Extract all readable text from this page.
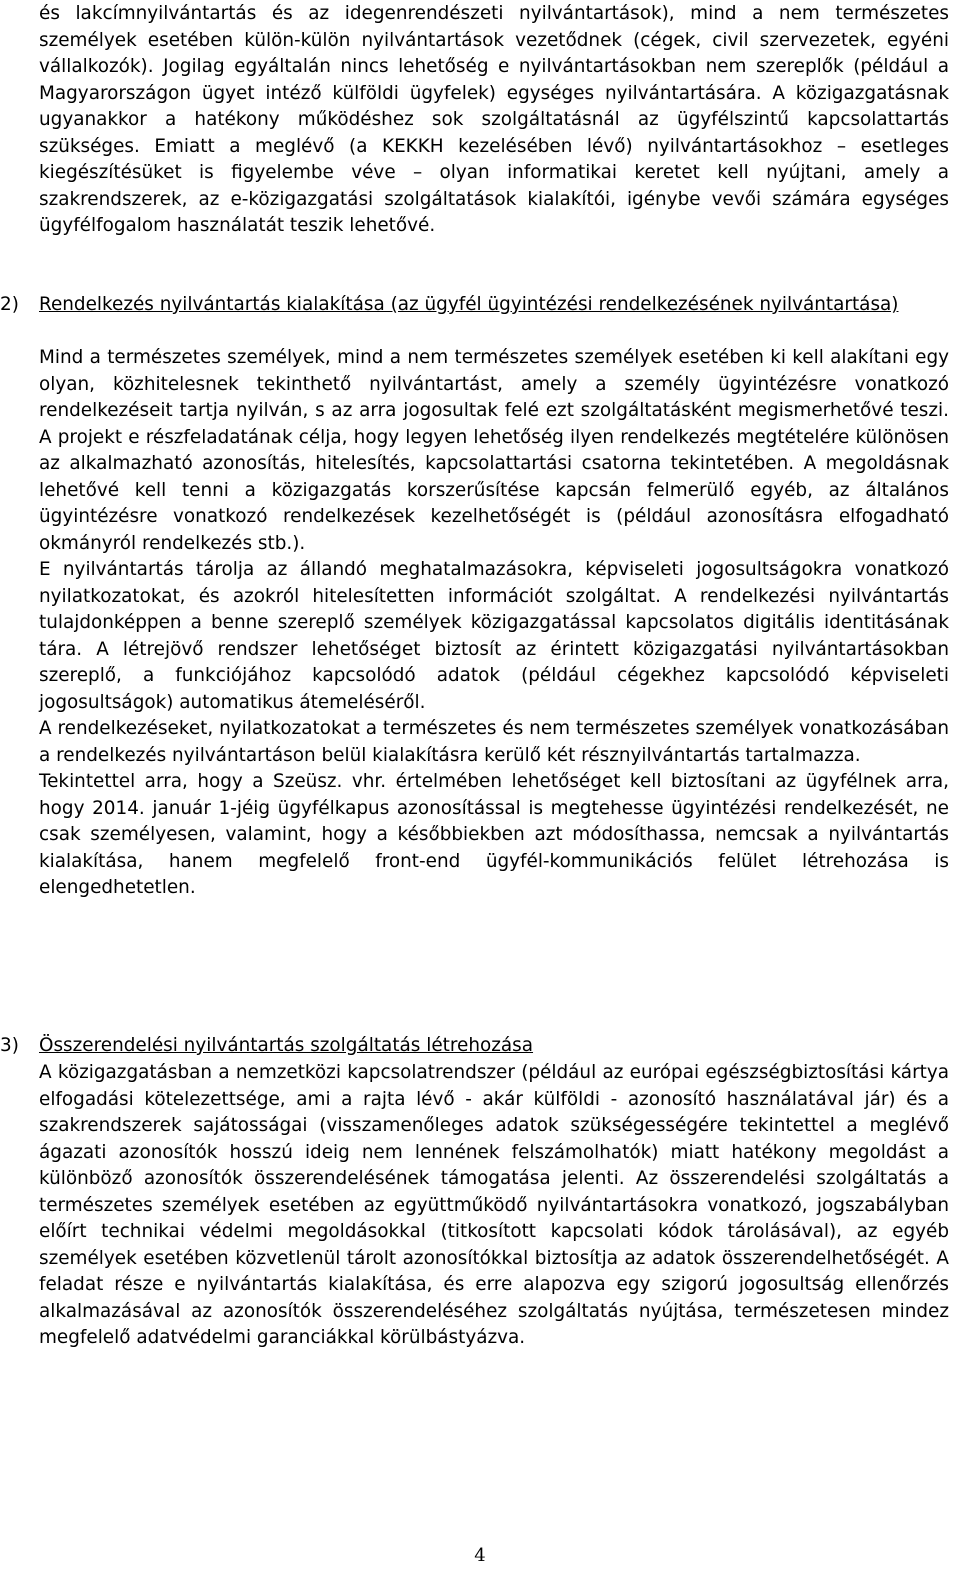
és lakcímnyilvántartás és az idegenrendészeti nyilvántartások), mind a nem természetes személyek esetében külön-külön nyilvántartások vezetődnek (cégek, civil szervezetek, egyéni vállalkozók). Jogilag egyáltalán nincs lehetőség e nyilvántartásokban nem szereplők (például a Magyarországon ügyet intéző külföldi ügyfelek) egységes nyilvántartására. A közigazgatásnak ugyanakkor a hatékony működéshez sok szolgáltatásnál az ügyfélszintű kapcsolattartás szükséges. Emiatt a meglévő (a KEKKH kezelésében lévő) nyilvántartásokhoz – esetleges kiegészítésüket is figyelembe véve – olyan informatikai keretet kell nyújtani, amely a szakrendszerek, az e-közigazgatási szolgáltatások kialakítói, igénybe vevői számára egységes ügyfélfogalom használatát teszik lehetővé.

2) Rendelkezés nyilvántartás kialakítása (az ügyfél ügyintézési rendelkezésének nyilvántartása)

Mind a természetes személyek, mind a nem természetes személyek esetében ki kell alakítani egy olyan, közhitelesnek tekinthető nyilvántartást, amely a személy ügyintézésre vonatkozó rendelkezéseit tartja nyilván, s az arra jogosultak felé ezt szolgáltatásként megismerhetővé teszi. A projekt e részfeladatának célja, hogy legyen lehetőség ilyen rendelkezés megtételére különösen az alkalmazható azonosítás, hitelesítés, kapcsolattartási csatorna tekintetében. A megoldásnak lehetővé kell tenni a közigazgatás korszerűsítése kapcsán felmerülő egyéb, az általános ügyintézésre vonatkozó rendelkezések kezelhetőségét is (például azonosításra elfogadható okmányról rendelkezés stb.).

E nyilvántartás tárolja az állandó meghatalmazásokra, képviseleti jogosultságokra vonatkozó nyilatkozatokat, és azokról hitelesítetten információt szolgáltat. A rendelkezési nyilvántartás tulajdonképpen a benne szereplő személyek közigazgatással kapcsolatos digitális identitásának tára. A létrejövő rendszer lehetőséget biztosít az érintett közigazgatási nyilvántartásokban szereplő, a funkciójához kapcsolódó adatok (például cégekhez kapcsolódó képviseleti jogosultságok) automatikus átemeléséről.

A rendelkezéseket, nyilatkozatokat a természetes és nem természetes személyek vonatkozásában a rendelkezés nyilvántartáson belül kialakításra kerülő két résznyilvántartás tartalmazza.

Tekintettel arra, hogy a Szeüsz. vhr. értelmében lehetőséget kell biztosítani az ügyfélnek arra, hogy 2014. január 1-jéig ügyfélkapus azonosítással is megtehesse ügyintézési rendelkezését, ne csak személyesen, valamint, hogy a későbbiekben azt módosíthassa, nemcsak a nyilvántartás kialakítása, hanem megfelelő front-end ügyfél-kommunikációs felület létrehozása is elengedhetetlen.

3) Összerendelési nyilvántartás szolgáltatás létrehozása

A közigazgatásban a nemzetközi kapcsolatrendszer (például az európai egészségbiztosítási kártya elfogadási kötelezettsége, ami a rajta lévő - akár külföldi - azonosító használatával jár) és a szakrendszerek sajátosságai (visszamenőleges adatok szükségességére tekintettel a meglévő ágazati azonosítók hosszú ideig nem lennének felszámolhatók) miatt hatékony megoldást a különböző azonosítók összerendelésének támogatása jelenti. Az összerendelési szolgáltatás a természetes személyek esetében az együttműködő nyilvántartásokra vonatkozó, jogszabályban előírt technikai védelmi megoldásokkal (titkosított kapcsolati kódok tárolásával), az egyéb személyek esetében közvetlenül tárolt azonosítókkal biztosítja az adatok összerendelhetőségét. A feladat része e nyilvántartás kialakítása, és erre alapozva egy szigorú jogosultság ellenőrzés alkalmazásával az azonosítók összerendeléséhez szolgáltatás nyújtása, természetesen mindez megfelelő adatvédelmi garanciákkal körülbástyázva.

4
